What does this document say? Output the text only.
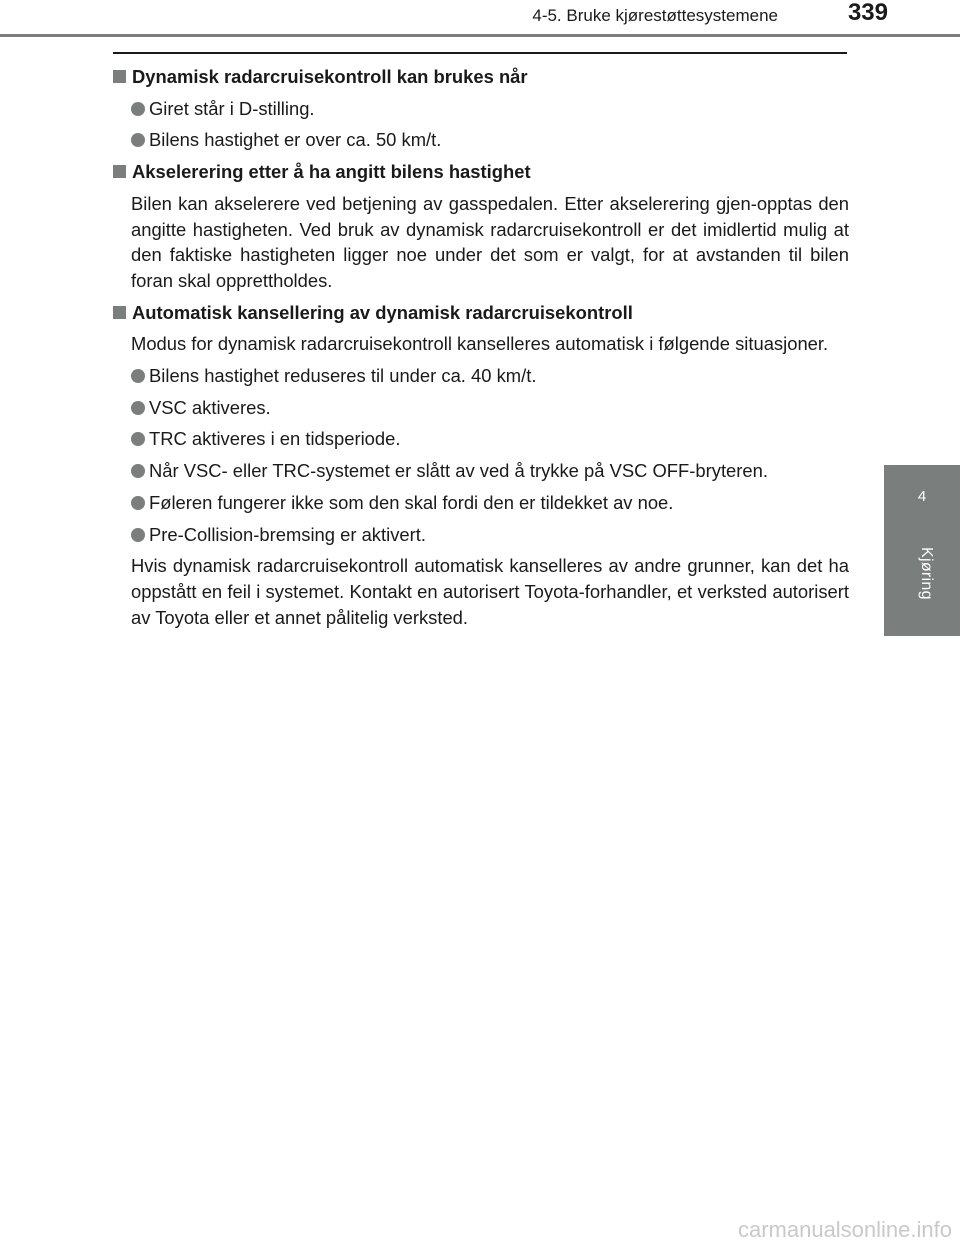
4-5. Bruke kjørestøttesystemene	339
4
Kjøring
Dynamisk radarcruisekontroll kan brukes når
Giret står i D-stilling.
Bilens hastighet er over ca. 50 km/t.
Akselerering etter å ha angitt bilens hastighet
Bilen kan akselerere ved betjening av gasspedalen. Etter akselerering gjen-opptas den angitte hastigheten. Ved bruk av dynamisk radarcruisekontroll er det imidlertid mulig at den faktiske hastigheten ligger noe under det som er valgt, for at avstanden til bilen foran skal opprettholdes.
Automatisk kansellering av dynamisk radarcruisekontroll
Modus for dynamisk radarcruisekontroll kanselleres automatisk i følgende situasjoner.
Bilens hastighet reduseres til under ca. 40 km/t.
VSC aktiveres.
TRC aktiveres i en tidsperiode.
Når VSC- eller TRC-systemet er slått av ved å trykke på VSC OFF-bryteren.
Føleren fungerer ikke som den skal fordi den er tildekket av noe.
Pre-Collision-bremsing er aktivert.
Hvis dynamisk radarcruisekontroll automatisk kanselleres av andre grunner, kan det ha oppstått en feil i systemet. Kontakt en autorisert Toyota-forhandler, et verksted autorisert av Toyota eller et annet pålitelig verksted.
carmanualsonline.info
